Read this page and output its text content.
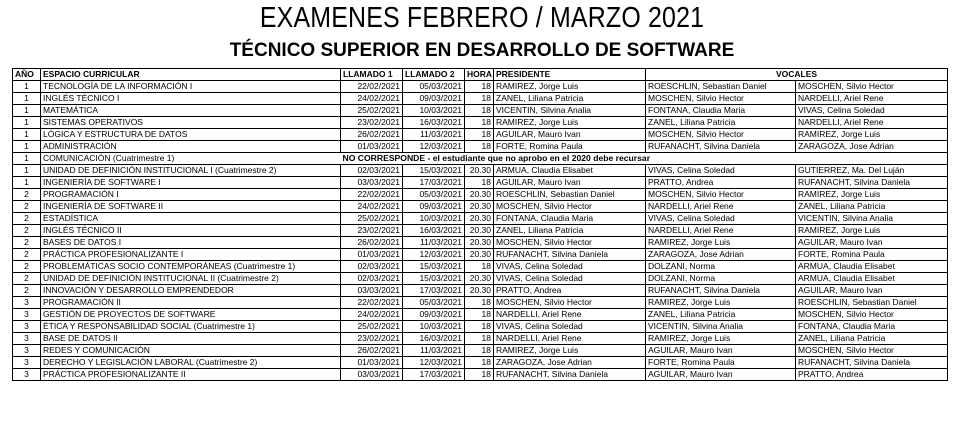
EXAMENES FEBRERO / MARZO 2021
TÉCNICO SUPERIOR EN DESARROLLO DE SOFTWARE
AÑO	ESPACIO CURRICULAR	LLAMADO 1	LLAMADO 2	HORA	PRESIDENTE	VOCALES	
1	TECNOLOGÍA DE LA INFORMACIÓN I	22/02/2021	05/03/2021	18	RAMIREZ, Jorge Luis	ROESCHLIN, Sebastian Daniel	MOSCHEN, Silvio Hector
1	INGLÉS TÉCNICO I	24/02/2021	09/03/2021	18	ZANEL, Liliana Patricia	MOSCHEN, Silvio Hector	NARDELLI, Ariel Rene
1	MATEMÁTICA	25/02/2021	10/03/2021	18	VICENTIN, Silvina Analia	FONTANA, Claudia Maria	VIVAS, Celina Soledad
1	SISTEMAS OPERATIVOS	23/02/2021	16/03/2021	18	RAMIREZ, Jorge Luis	ZANEL, Liliana Patricia	NARDELLI, Ariel Rene
1	LÓGICA Y ESTRUCTURA DE DATOS	26/02/2021	11/03/2021	18	AGUILAR, Mauro Ivan	MOSCHEN, Silvio Hector	RAMIREZ, Jorge Luis
1	ADMINISTRACIÓN	01/03/2021	12/03/2021	18	FORTE, Romina Paula	RUFANACHT, Silvina Daniela	ZARAGOZA, Jose Adrian
1	COMUNICACIÓN (Cuatrimestre 1)	NO CORRESPONDE - el estudiante que no aprobo en el 2020 debe recursar					
1	UNIDAD DE DEFINICIÓN INSTITUCIONAL I (Cuatrimestre 2)	02/03/2021	15/03/2021	20.30	ARMUA, Claudia Elisabet	VIVAS, Celina Soledad	GUTIERREZ, Ma. Del Luján
1	INGENIERÍA DE SOFTWARE I	03/03/2021	17/03/2021	18	AGUILAR, Mauro Ivan	PRATTO, Andrea	RUFANACHT, Silvina Daniela
2	PROGRAMACIÓN I	22/02/2021	05/03/2021	20.30	ROESCHLIN, Sebastian Daniel	MOSCHEN, Silvio Hector	RAMIREZ, Jorge Luis
2	INGENIERÍA DE SOFTWARE II	24/02/2021	09/03/2021	20.30	MOSCHEN, Silvio Hector	NARDELLI, Ariel Rene	ZANEL, Liliana Patricia
2	ESTADÍSTICA	25/02/2021	10/03/2021	20.30	FONTANA, Claudia Maria	VIVAS, Celina Soledad	VICENTIN, Silvina Analia
2	INGLÉS TÉCNICO II	23/02/2021	16/03/2021	20.30	ZANEL, Liliana Patricia	NARDELLI, Ariel Rene	RAMIREZ, Jorge Luis
2	BASES DE DATOS I	26/02/2021	11/03/2021	20.30	MOSCHEN, Silvio Hector	RAMIREZ, Jorge Luis	AGUILAR, Mauro Ivan
2	PRÁCTICA PROFESIONALIZANTE I	01/03/2021	12/03/2021	20.30	RUFANACHT, Silvina Daniela	ZARAGOZA, Jose Adrian	FORTE, Romina Paula
2	PROBLEMÁTICAS SOCIO CONTEMPORÁNEAS (Cuatrimestre 1)	02/03/2021	15/03/2021	18	VIVAS, Celina Soledad	DOLZANI, Norma	ARMUA, Claudia Elisabet
2	UNIDAD DE DEFINICIÓN INSTITUCIONAL II (Cuatrimestre 2)	02/03/2021	15/03/2021	20.30	VIVAS, Celina Soledad	DOLZANI, Norma	ARMUA, Claudia Elisabet
2	INNOVACIÓN Y DESARROLLO EMPRENDEDOR	03/03/2021	17/03/2021	20.30	PRATTO, Andrea	RUFANACHT, Silvina Daniela	AGUILAR, Mauro Ivan
3	PROGRAMACIÓN II	22/02/2021	05/03/2021	18	MOSCHEN, Silvio Hector	RAMIREZ, Jorge Luis	ROESCHLIN, Sebastian Daniel
3	GESTIÓN DE PROYECTOS DE SOFTWARE	24/02/2021	09/03/2021	18	NARDELLI, Ariel Rene	ZANEL, Liliana Patricia	MOSCHEN, Silvio Hector
3	ÉTICA Y RESPONSABILIDAD SOCIAL (Cuatrimestre 1)	25/02/2021	10/03/2021	18	VIVAS, Celina Soledad	VICENTIN, Silvina Analia	FONTANA, Claudia Maria
3	BASE DE DATOS II	23/02/2021	16/03/2021	18	NARDELLI, Ariel Rene	RAMIREZ, Jorge Luis	ZANEL, Liliana Patricia
3	REDES Y COMUNICACIÓN	26/02/2021	11/03/2021	18	RAMIREZ, Jorge Luis	AGUILAR, Mauro Ivan	MOSCHEN, Silvio Hector
3	DERECHO Y LEGISLACIÓN LABORAL (Cuatrimestre 2)	01/03/2021	12/03/2021	18	ZARAGOZA, Jose Adrian	FORTE, Romina Paula	RUFANACHT, Silvina Daniela
3	PRÁCTICA PROFESIONALIZANTE II	03/03/2021	17/03/2021	18	RUFANACHT, Silvina Daniela	AGUILAR, Mauro Ivan	PRATTO, Andrea
